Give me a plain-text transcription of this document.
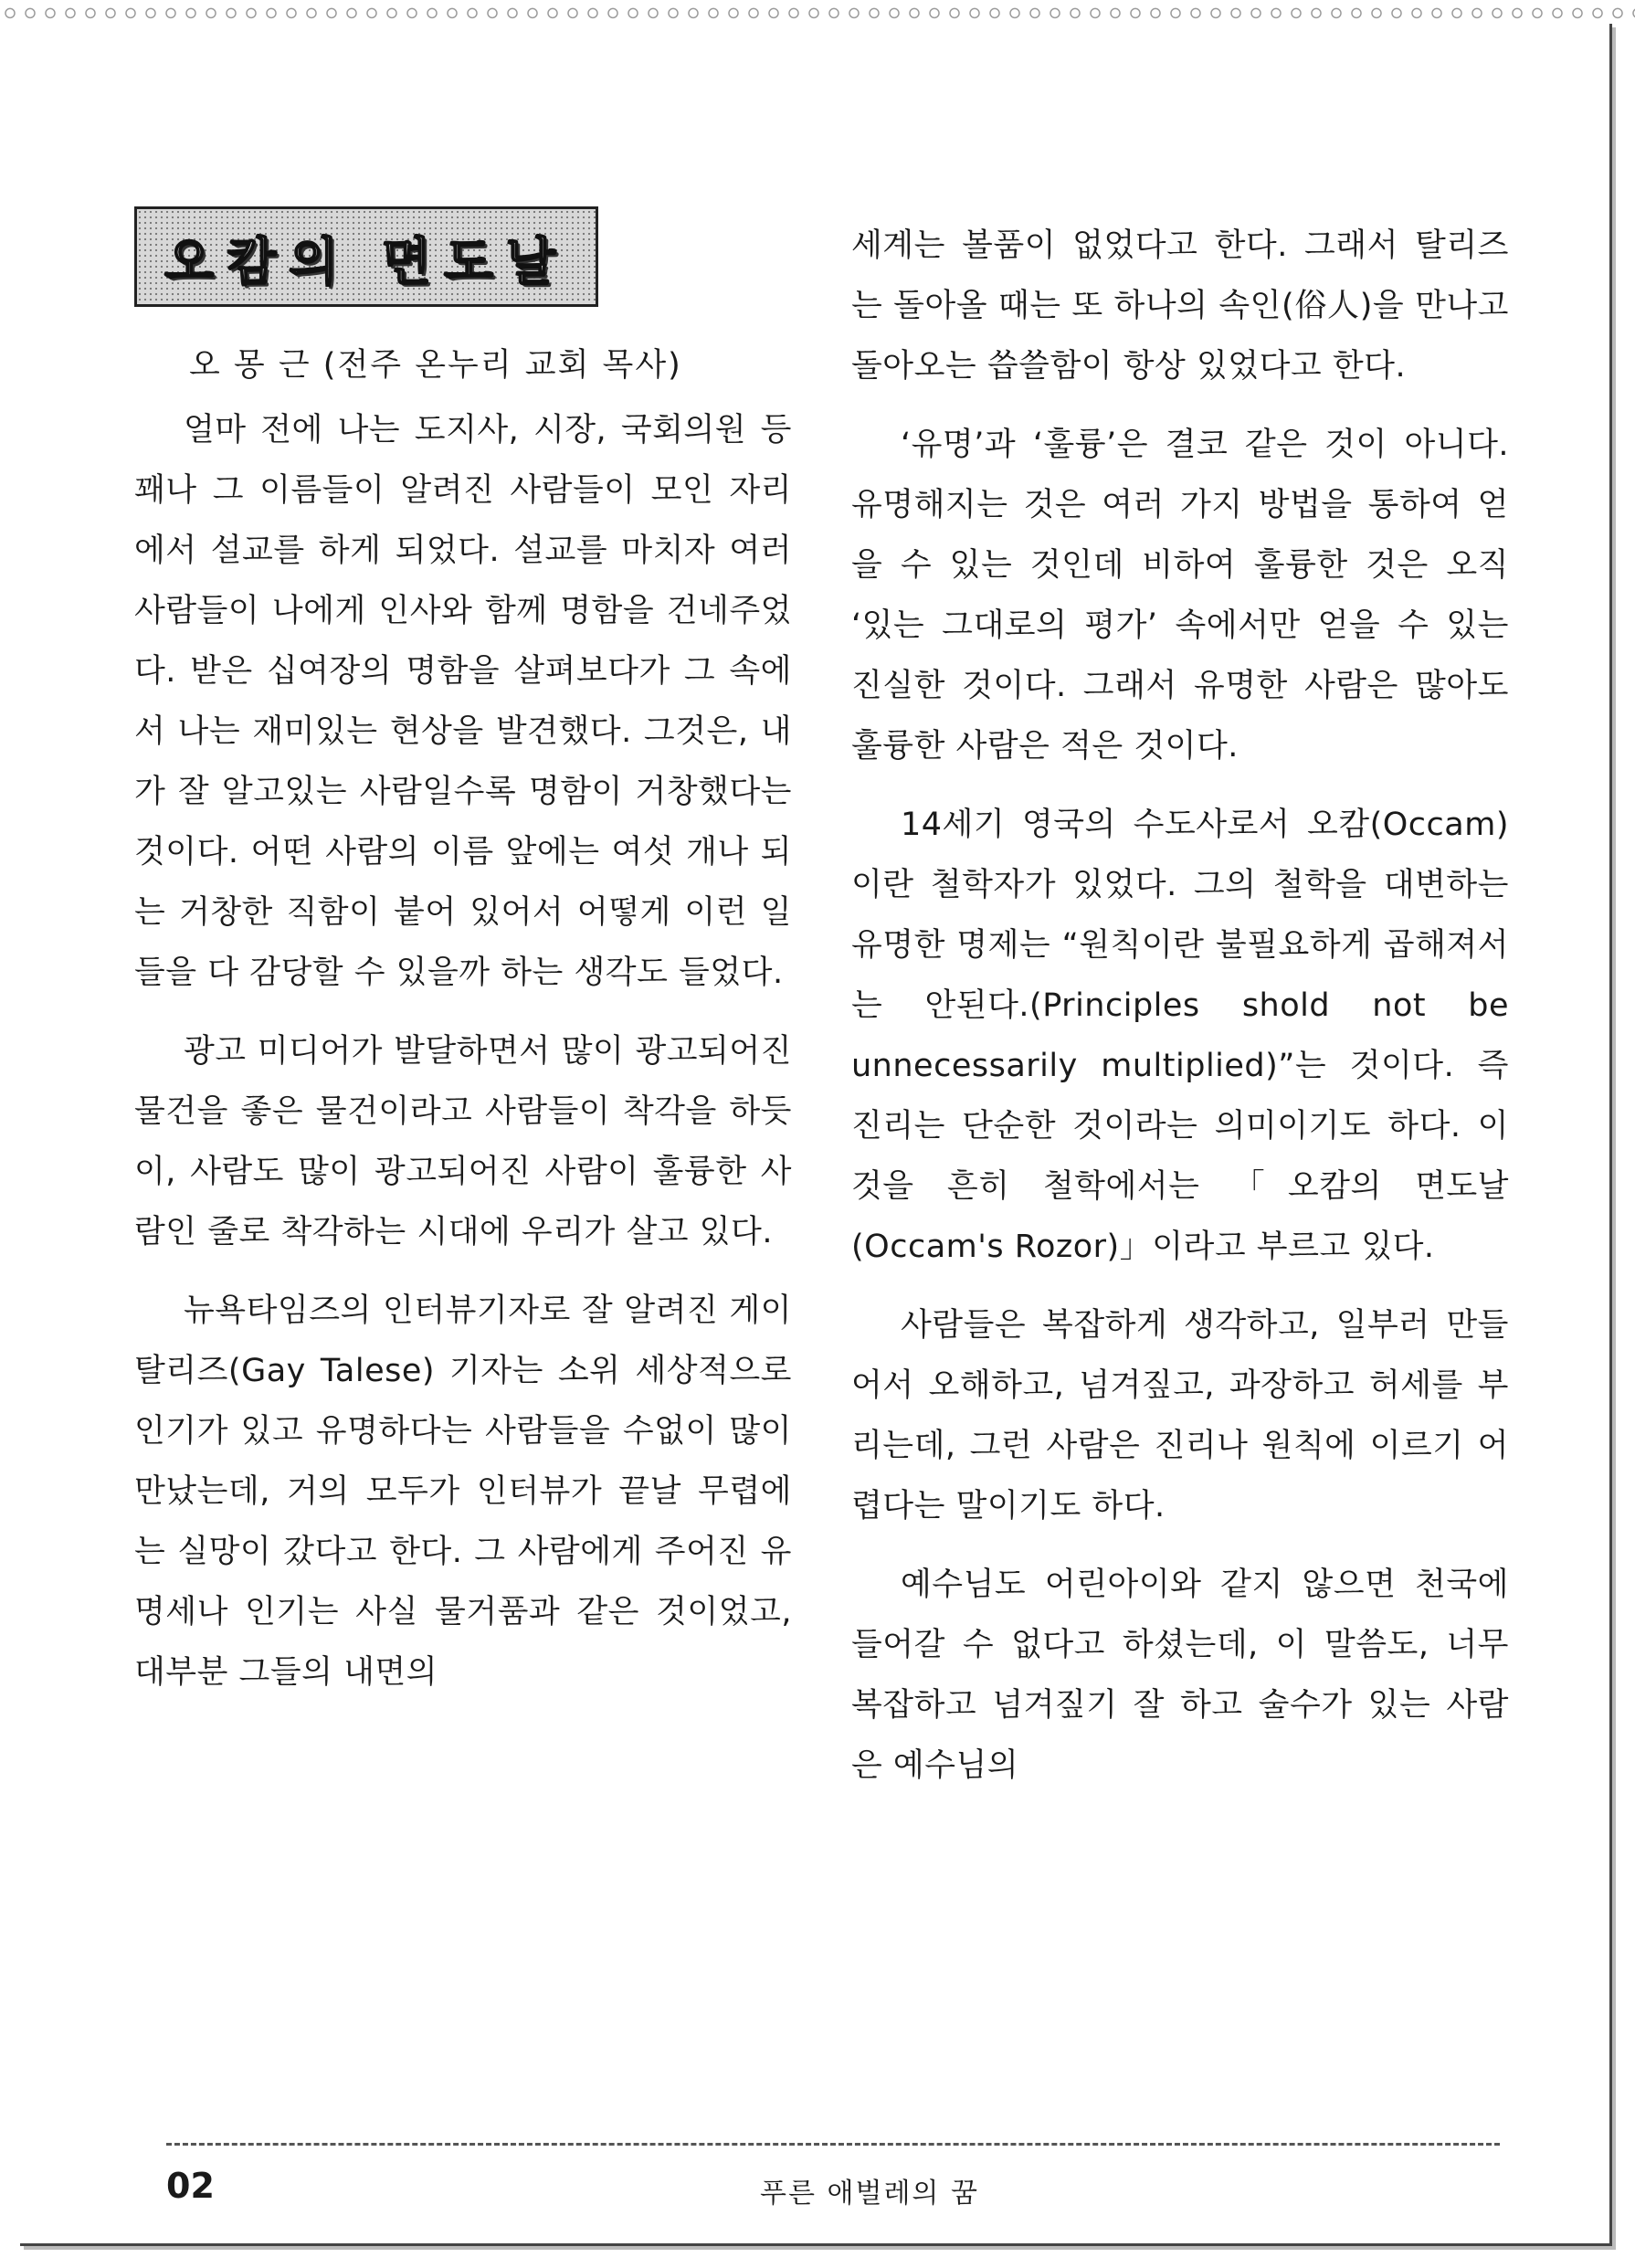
오캄의 면도날
오 몽 근 (전주 온누리 교회 목사)

얼마 전에 나는 도지사, 시장, 국회의원 등 꽤나 그 이름들이 알려진 사람들이 모인 자리에서 설교를 하게 되었다. 설교를 마치자 여러 사람들이 나에게 인사와 함께 명함을 건네주었다. 받은 십여장의 명함을 살펴보다가 그 속에서 나는 재미있는 현상을 발견했다. 그것은, 내가 잘 알고있는 사람일수록 명함이 거창했다는 것이다. 어떤 사람의 이름 앞에는 여섯 개나 되는 거창한 직함이 붙어 있어서 어떻게 이런 일들을 다 감당할 수 있을까 하는 생각도 들었다.

광고 미디어가 발달하면서 많이 광고되어진 물건을 좋은 물건이라고 사람들이 착각을 하듯이, 사람도 많이 광고되어진 사람이 훌륭한 사람인 줄로 착각하는 시대에 우리가 살고 있다.

뉴욕타임즈의 인터뷰기자로 잘 알려진 게이 탈리즈(Gay Talese) 기자는 소위 세상적으로 인기가 있고 유명하다는 사람들을 수없이 많이 만났는데, 거의 모두가 인터뷰가 끝날 무렵에는 실망이 갔다고 한다. 그 사람에게 주어진 유명세나 인기는 사실 물거품과 같은 것이었고, 대부분 그들의 내면의

세계는 볼품이 없었다고 한다. 그래서 탈리즈는 돌아올 때는 또 하나의 속인(俗人)을 만나고 돌아오는 씁쓸함이 항상 있었다고 한다.

‘유명’과 ‘훌륭’은 결코 같은 것이 아니다. 유명해지는 것은 여러 가지 방법을 통하여 얻을 수 있는 것인데 비하여 훌륭한 것은 오직 ‘있는 그대로의 평가’ 속에서만 얻을 수 있는 진실한 것이다. 그래서 유명한 사람은 많아도 훌륭한 사람은 적은 것이다.

14세기 영국의 수도사로서 오캄(Occam)이란 철학자가 있었다. 그의 철학을 대변하는 유명한 명제는 “원칙이란 불필요하게 곱해져서는 안된다.(Principles shold not be unnecessarily multiplied)”는 것이다. 즉 진리는 단순한 것이라는 의미이기도 하다. 이것을 흔히 철학에서는 「오캄의 면도날(Occam's Rozor)」이라고 부르고 있다.

사람들은 복잡하게 생각하고, 일부러 만들어서 오해하고, 넘겨짚고, 과장하고 허세를 부리는데, 그런 사람은 진리나 원칙에 이르기 어렵다는 말이기도 하다.

예수님도 어린아이와 같지 않으면 천국에 들어갈 수 없다고 하셨는데, 이 말씀도, 너무 복잡하고 넘겨짚기 잘 하고 술수가 있는 사람은 예수님의

02	푸른 애벌레의 꿈
